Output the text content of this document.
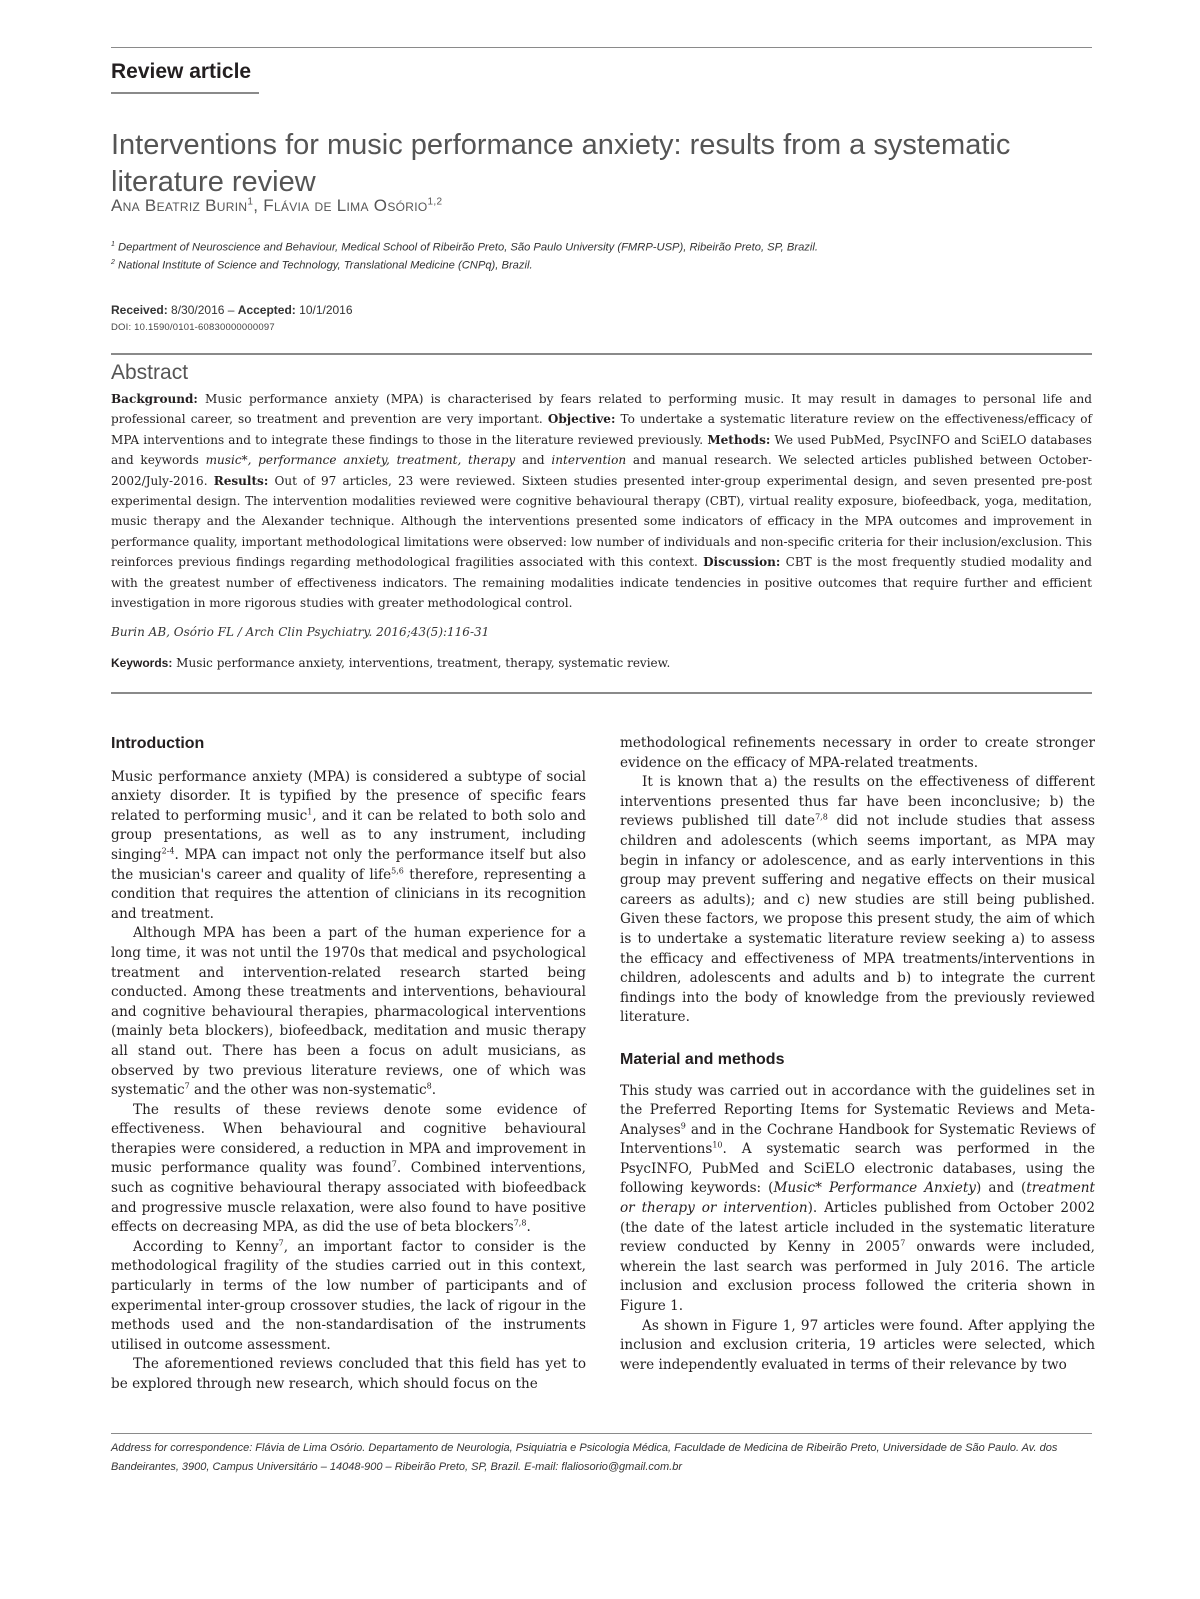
Review article
Interventions for music performance anxiety: results from a systematic literature review
Ana Beatriz Burin$^1$, Flávia de Lima Osório$^{1,2}$
$^1$ Department of Neuroscience and Behaviour, Medical School of Ribeirão Preto, São Paulo University (FMRP-USP), Ribeirão Preto, SP, Brazil.
$^2$ National Institute of Science and Technology, Translational Medicine (CNPq), Brazil.
Received: 8/30/2016 – Accepted: 10/1/2016
DOI: 10.1590/0101-60830000000097
Abstract
Background: Music performance anxiety (MPA) is characterised by fears related to performing music. It may result in damages to personal life and professional career, so treatment and prevention are very important. Objective: To undertake a systematic literature review on the effectiveness/efficacy of MPA interventions and to integrate these findings to those in the literature reviewed previously. Methods: We used PubMed, PsycINFO and SciELO databases and keywords music*, performance anxiety, treatment, therapy and intervention and manual research. We selected articles published between October-2002/July-2016. Results: Out of 97 articles, 23 were reviewed. Sixteen studies presented inter-group experimental design, and seven presented pre-post experimental design. The intervention modalities reviewed were cognitive behavioural therapy (CBT), virtual reality exposure, biofeedback, yoga, meditation, music therapy and the Alexander technique. Although the interventions presented some indicators of efficacy in the MPA outcomes and improvement in performance quality, important methodological limitations were observed: low number of individuals and non-specific criteria for their inclusion/exclusion. This reinforces previous findings regarding methodological fragilities associated with this context. Discussion: CBT is the most frequently studied modality and with the greatest number of effectiveness indicators. The remaining modalities indicate tendencies in positive outcomes that require further and efficient investigation in more rigorous studies with greater methodological control.
Burin AB, Osório FL / Arch Clin Psychiatry. 2016;43(5):116-31
Keywords: Music performance anxiety, interventions, treatment, therapy, systematic review.
Introduction

Music performance anxiety (MPA) is considered a subtype of social anxiety disorder. It is typified by the presence of specific fears related to performing music$^1$, and it can be related to both solo and group presentations, as well as to any instrument, including singing$^{2-4}$. MPA can impact not only the performance itself but also the musician's career and quality of life$^{5,6}$ therefore, representing a condition that requires the attention of clinicians in its recognition and treatment.

Although MPA has been a part of the human experience for a long time, it was not until the 1970s that medical and psychological treatment and intervention-related research started being conducted. Among these treatments and interventions, behavioural and cognitive behavioural therapies, pharmacological interventions (mainly beta blockers), biofeedback, meditation and music therapy all stand out. There has been a focus on adult musicians, as observed by two previous literature reviews, one of which was systematic$^7$ and the other was non-systematic$^8$.

The results of these reviews denote some evidence of effectiveness. When behavioural and cognitive behavioural therapies were considered, a reduction in MPA and improvement in music performance quality was found$^7$. Combined interventions, such as cognitive behavioural therapy associated with biofeedback and progressive muscle relaxation, were also found to have positive effects on decreasing MPA, as did the use of beta blockers$^{7,8}$.

According to Kenny$^7$, an important factor to consider is the methodological fragility of the studies carried out in this context, particularly in terms of the low number of participants and of experimental inter-group crossover studies, the lack of rigour in the methods used and the non-standardisation of the instruments utilised in outcome assessment.

The aforementioned reviews concluded that this field has yet to be explored through new research, which should focus on the

methodological refinements necessary in order to create stronger evidence on the efficacy of MPA-related treatments.

It is known that a) the results on the effectiveness of different interventions presented thus far have been inconclusive; b) the reviews published till date$^{7,8}$ did not include studies that assess children and adolescents (which seems important, as MPA may begin in infancy or adolescence, and as early interventions in this group may prevent suffering and negative effects on their musical careers as adults); and c) new studies are still being published. Given these factors, we propose this present study, the aim of which is to undertake a systematic literature review seeking a) to assess the efficacy and effectiveness of MPA treatments/interventions in children, adolescents and adults and b) to integrate the current findings into the body of knowledge from the previously reviewed literature.

Material and methods

This study was carried out in accordance with the guidelines set in the Preferred Reporting Items for Systematic Reviews and Meta-Analyses$^9$ and in the Cochrane Handbook for Systematic Reviews of Interventions$^{10}$. A systematic search was performed in the PsycINFO, PubMed and SciELO electronic databases, using the following keywords: (Music* Performance Anxiety) and (treatment or therapy or intervention). Articles published from October 2002 (the date of the latest article included in the systematic literature review conducted by Kenny in 2005$^7$ onwards were included, wherein the last search was performed in July 2016. The article inclusion and exclusion process followed the criteria shown in Figure 1.

As shown in Figure 1, 97 articles were found. After applying the inclusion and exclusion criteria, 19 articles were selected, which were independently evaluated in terms of their relevance by two

Address for correspondence: Flávia de Lima Osório. Departamento de Neurologia, Psiquiatria e Psicologia Médica, Faculdade de Medicina de Ribeirão Preto, Universidade de São Paulo. Av. dos Bandeirantes, 3900, Campus Universitário – 14048-900 – Ribeirão Preto, SP, Brazil. E-mail: flaliosorio@gmail.com.br
